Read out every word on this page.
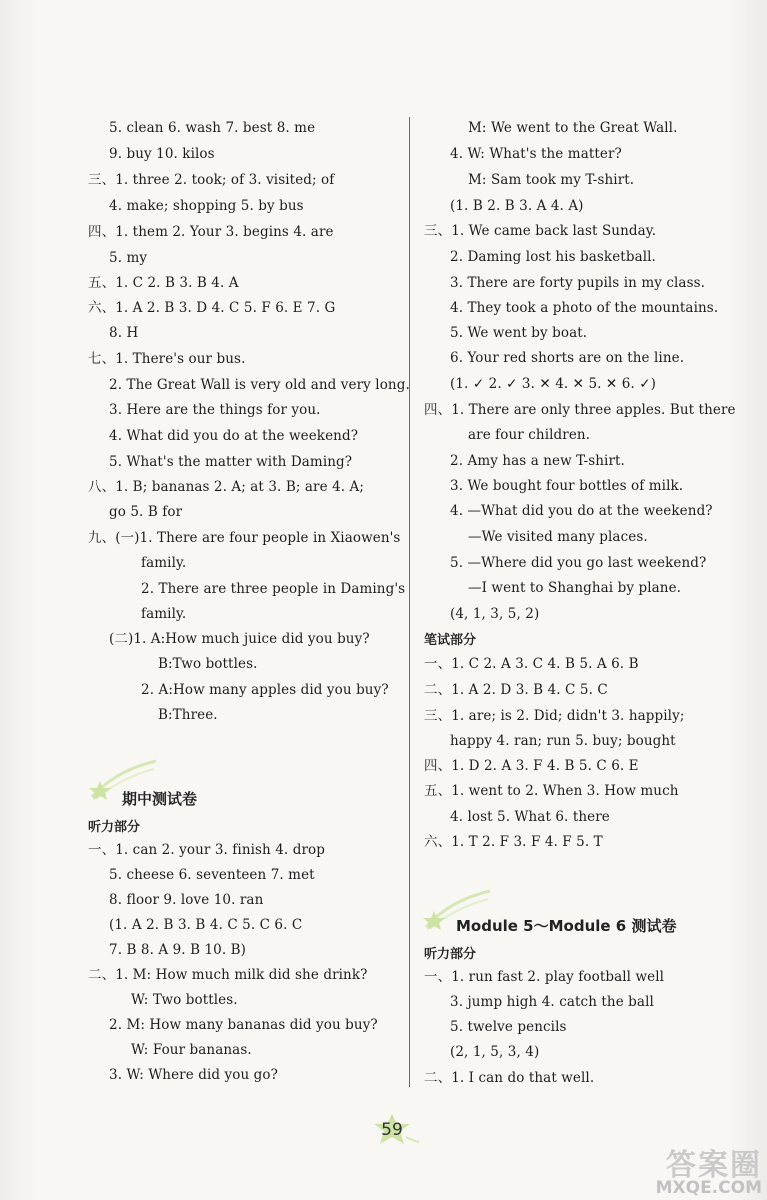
5. clean 6. wash 7. best 8. me
9. buy 10. kilos
三、1. three 2. took; of 3. visited; of
4. make; shopping 5. by bus
四、1. them 2. Your 3. begins 4. are
5. my
五、1. C 2. B 3. B 4. A
六、1. A 2. B 3. D 4. C 5. F 6. E 7. G
8. H
七、1. There's our bus.
2. The Great Wall is very old and very long.
3. Here are the things for you.
4. What did you do at the weekend?
5. What's the matter with Daming?
八、1. B; bananas 2. A; at 3. B; are 4. A;
go 5. B for
九、(一)1. There are four people in Xiaowen's
family.
2. There are three people in Daming's
family.
(二)1. A:How much juice did you buy?
B:Two bottles.
2. A:How many apples did you buy?
B:Three.
期中测试卷
听力部分
一、1. can 2. your 3. finish 4. drop
5. cheese 6. seventeen 7. met
8. floor 9. love 10. ran
(1. A 2. B 3. B 4. C 5. C 6. C
7. B 8. A 9. B 10. B)
二、1. M: How much milk did she drink?
W: Two bottles.
2. M: How many bananas did you buy?
W: Four bananas.
3. W: Where did you go?
M: We went to the Great Wall.
4. W: What's the matter?
M: Sam took my T-shirt.
(1. B 2. B 3. A 4. A)
三、1. We came back last Sunday.
2. Daming lost his basketball.
3. There are forty pupils in my class.
4. They took a photo of the mountains.
5. We went by boat.
6. Your red shorts are on the line.
(1. ✓ 2. ✓ 3. ✕ 4. ✕ 5. ✕ 6. ✓)
四、1. There are only three apples. But there
are four children.
2. Amy has a new T-shirt.
3. We bought four bottles of milk.
4. —What did you do at the weekend?
—We visited many places.
5. —Where did you go last weekend?
—I went to Shanghai by plane.
(4, 1, 3, 5, 2)
笔试部分
一、1. C 2. A 3. C 4. B 5. A 6. B
二、1. A 2. D 3. B 4. C 5. C
三、1. are; is 2. Did; didn't 3. happily;
happy 4. ran; run 5. buy; bought
四、1. D 2. A 3. F 4. B 5. C 6. E
五、1. went to 2. When 3. How much
4. lost 5. What 6. there
六、1. T 2. F 3. F 4. F 5. T
Module 5～Module 6 测试卷
听力部分
一、1. run fast 2. play football well
3. jump high 4. catch the ball
5. twelve pencils
(2, 1, 5, 3, 4)
二、1. I can do that well.
59
答案圈
MXQE.COM
